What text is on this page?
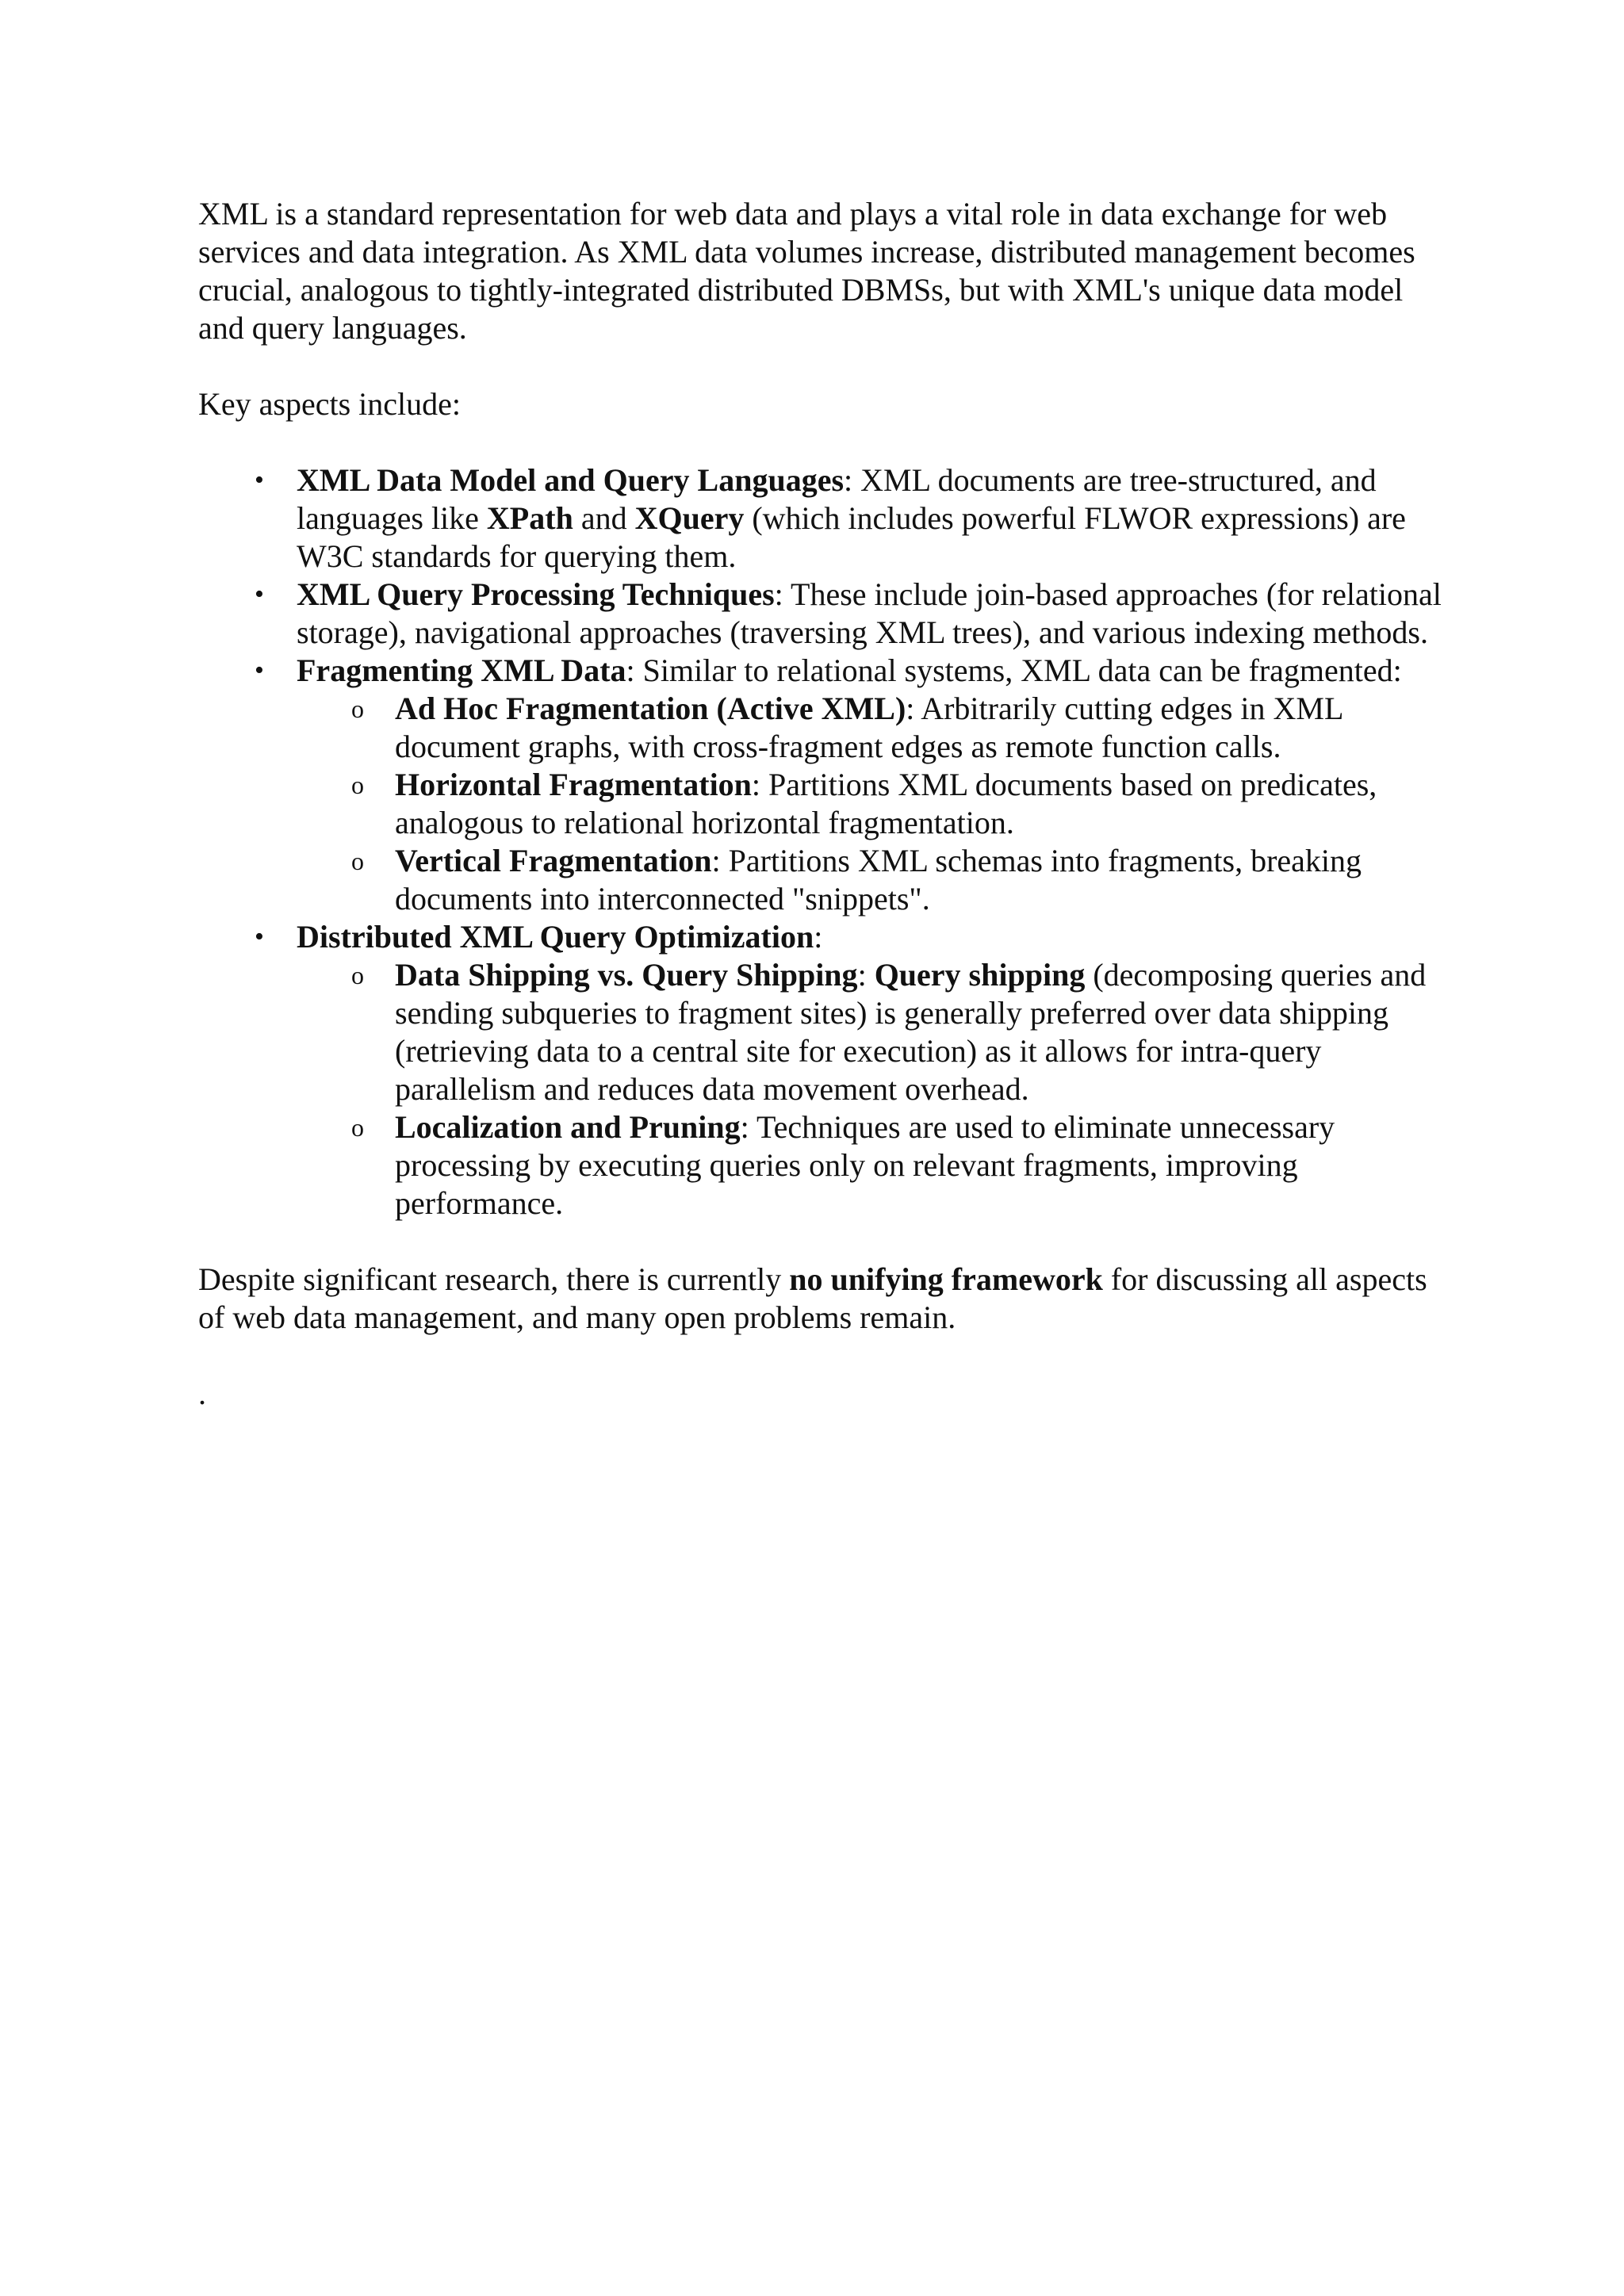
XML is a standard representation for web data and plays a vital role in data exchange for web services and data integration. As XML data volumes increase, distributed management becomes crucial, analogous to tightly-integrated distributed DBMSs, but with XML's unique data model and query languages.

Key aspects include:

• XML Data Model and Query Languages: XML documents are tree-structured, and languages like XPath and XQuery (which includes powerful FLWOR expressions) are W3C standards for querying them.
• XML Query Processing Techniques: These include join-based approaches (for relational storage), navigational approaches (traversing XML trees), and various indexing methods.
• Fragmenting XML Data: Similar to relational systems, XML data can be fragmented:
o Ad Hoc Fragmentation (Active XML): Arbitrarily cutting edges in XML document graphs, with cross-fragment edges as remote function calls.
o Horizontal Fragmentation: Partitions XML documents based on predicates, analogous to relational horizontal fragmentation.
o Vertical Fragmentation: Partitions XML schemas into fragments, breaking documents into interconnected "snippets".
• Distributed XML Query Optimization:
o Data Shipping vs. Query Shipping: Query shipping (decomposing queries and sending subqueries to fragment sites) is generally preferred over data shipping (retrieving data to a central site for execution) as it allows for intra-query parallelism and reduces data movement overhead.
o Localization and Pruning: Techniques are used to eliminate unnecessary processing by executing queries only on relevant fragments, improving performance.

Despite significant research, there is currently no unifying framework for discussing all aspects of web data management, and many open problems remain.

.
